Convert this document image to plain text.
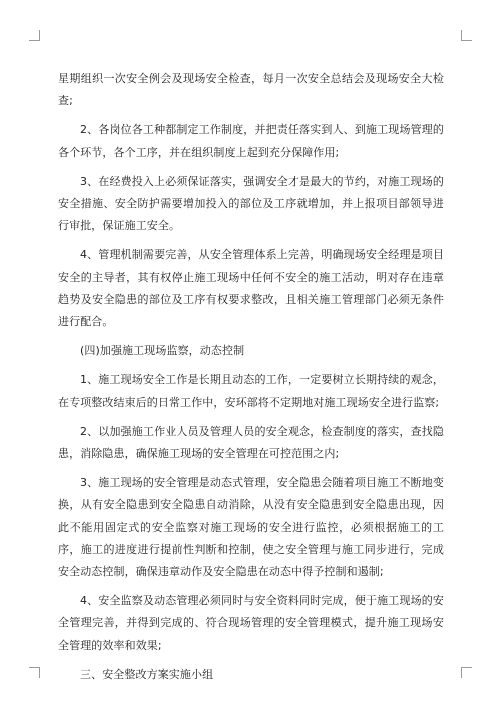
星期组织一次安全例会及现场安全检查，每月一次安全总结会及现场安全大检查;

2、各岗位各工种都制定工作制度，并把责任落实到人、到施工现场管理的各个环节，各个工序，并在组织制度上起到充分保障作用;

3、在经费投入上必须保证落实，强调安全才是最大的节约，对施工现场的安全措施、安全防护需要增加投入的部位及工序就增加，并上报项目部领导进行审批，保证施工安全。

4、管理机制需要完善，从安全管理体系上完善，明确现场安全经理是项目安全的主导者，其有权停止施工现场中任何不安全的施工活动，明对存在违章趋势及安全隐患的部位及工序有权要求整改，且相关施工管理部门必须无条件进行配合。

(四)加强施工现场监察，动态控制

1、施工现场安全工作是长期且动态的工作，一定要树立长期持续的观念，在专项整改结束后的日常工作中，安环部将不定期地对施工现场安全进行监察;

2、以加强施工作业人员及管理人员的安全观念，检查制度的落实，查找隐患，消除隐患，确保施工现场的安全管理在可控范围之内;

3、施工现场的安全管理是动态式管理，安全隐患会随着项目施工不断地变换，从有安全隐患到安全隐患自动消除，从没有安全隐患到安全隐患出现，因此不能用固定式的安全监察对施工现场的安全进行监控，必须根据施工的工序，施工的进度进行提前性判断和控制，使之安全管理与施工同步进行，完成安全动态控制，确保违章动作及安全隐患在动态中得予控制和遏制;

4、安全监察及动态管理必须同时与安全资料同时完成，便于施工现场的安全管理完善，并得到完成的、符合现场管理的安全管理模式，提升施工现场安全管理的效率和效果;

三、安全整改方案实施小组
